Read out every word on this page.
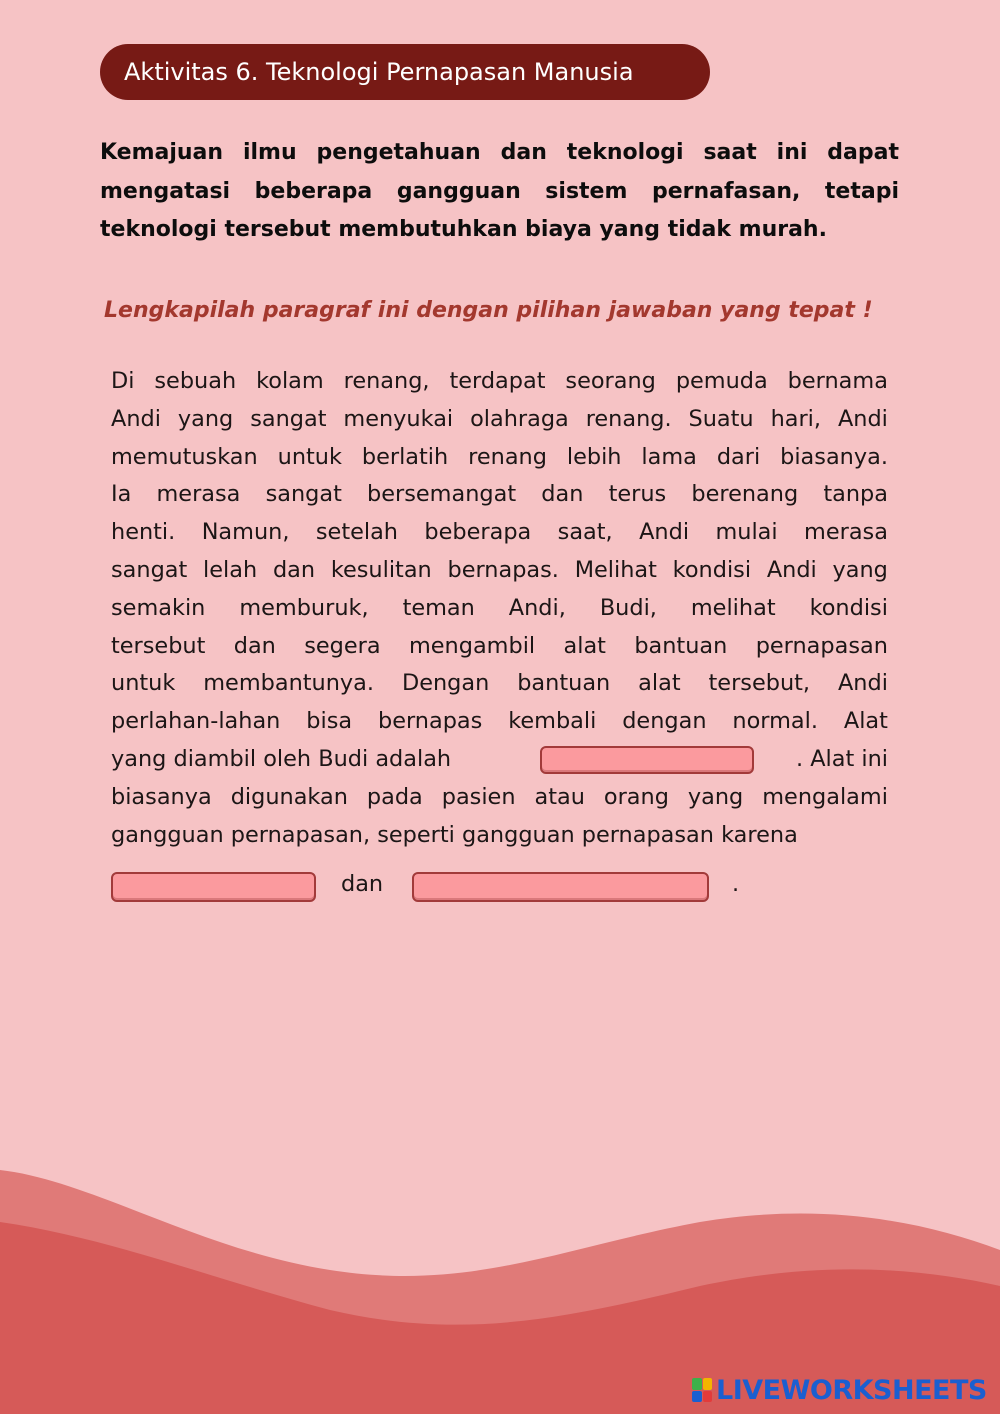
Aktivitas 6. Teknologi Pernapasan Manusia
Kemajuan ilmu pengetahuan dan teknologi saat ini dapat mengatasi beberapa gangguan sistem pernafasan, tetapi teknologi tersebut membutuhkan biaya yang tidak murah.
Lengkapilah paragraf ini dengan pilihan jawaban yang tepat !
Di sebuah kolam renang, terdapat seorang pemuda bernama
Andi yang sangat menyukai olahraga renang. Suatu hari, Andi
memutuskan untuk berlatih renang lebih lama dari biasanya.
Ia merasa sangat bersemangat dan terus berenang tanpa
henti. Namun, setelah beberapa saat, Andi mulai merasa
sangat lelah dan kesulitan bernapas. Melihat kondisi Andi yang
semakin memburuk, teman Andi, Budi, melihat kondisi
tersebut dan segera mengambil alat bantuan pernapasan
untuk membantunya. Dengan bantuan alat tersebut, Andi
perlahan-lahan bisa bernapas kembali dengan normal. Alat
yang diambil oleh Budi adalah	. Alat ini
biasanya digunakan pada pasien atau orang yang mengalami
gangguan pernapasan, seperti gangguan pernapasan karena
dan	.
LIVEWORKSHEETS
